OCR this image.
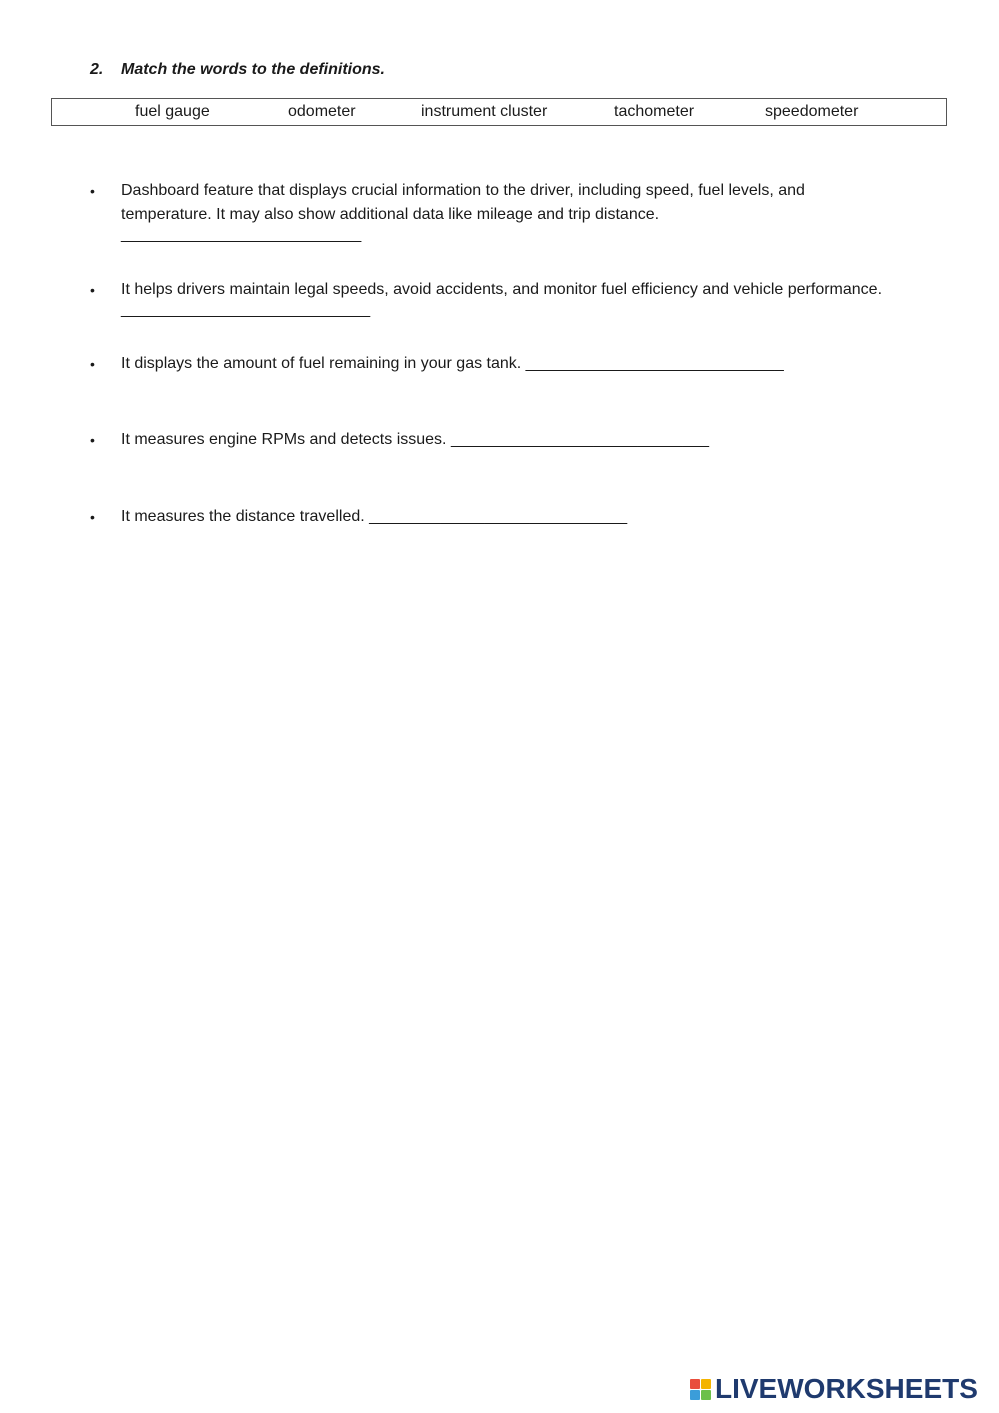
2. Match the words to the definitions.
fuel gauge	odometer	instrument cluster	tachometer	speedometer
• Dashboard feature that displays crucial information to the driver, including speed, fuel levels, and
temperature. It may also show additional data like mileage and trip distance.
___________________________
• It helps drivers maintain legal speeds, avoid accidents, and monitor fuel efficiency and vehicle performance.
____________________________
• It displays the amount of fuel remaining in your gas tank. _____________________________
• It measures engine RPMs and detects issues. _____________________________
• It measures the distance travelled. _____________________________
LIVEWORKSHEETS
